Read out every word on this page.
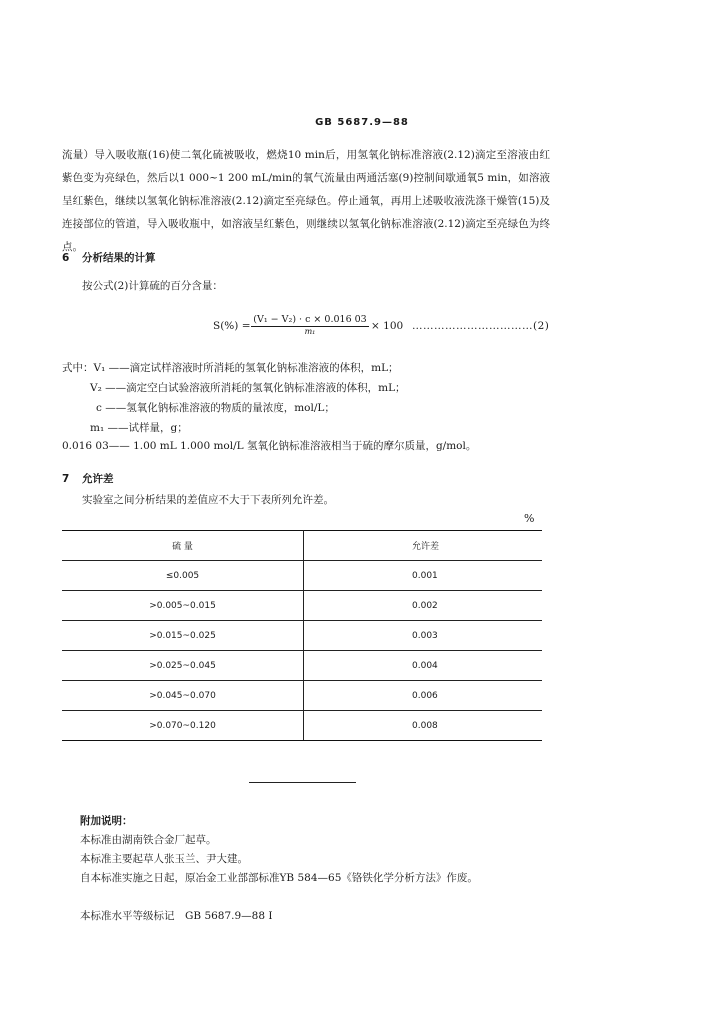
GB 5687.9—88
流量）导入吸收瓶(16)使二氧化硫被吸收，燃烧10 min后，用氢氧化钠标准溶液(2.12)滴定至溶液由红紫色变为亮绿色，然后以1 000~1 200 mL/min的氧气流量由两通活塞(9)控制间歇通氧5 min，如溶液呈红紫色，继续以氢氧化钠标准溶液(2.12)滴定至亮绿色。停止通氧，再用上述吸收液洗涤干燥管(15)及连接部位的管道，导入吸收瓶中，如溶液呈红紫色，则继续以氢氧化钠标准溶液(2.12)滴定至亮绿色为终点。
6 分析结果的计算
按公式(2)计算硫的百分含量：
S(%) =
(V₁ − V₂) · c × 0.016 03
m₁	× 100 ……………………………(2)
式中：V₁ ——滴定试样溶液时所消耗的氢氧化钠标准溶液的体积，mL；
V₂ ——滴定空白试验溶液所消耗的氢氧化钠标准溶液的体积，mL；
c ——氢氧化钠标准溶液的物质的量浓度，mol/L；
m₁ ——试样量，g；
0.016 03—— 1.00 mL 1.000 mol/L 氢氧化钠标准溶液相当于硫的摩尔质量，g/mol。
7 允许差
实验室之间分析结果的差值应不大于下表所列允许差。
%
硫 量	允许差
≤0.005	0.001
>0.005~0.015	0.002
>0.015~0.025	0.003
>0.025~0.045	0.004
>0.045~0.070	0.006
>0.070~0.120	0.008
附加说明：
本标准由湖南铁合金厂起草。
本标准主要起草人张玉兰、尹大建。
自本标准实施之日起，原冶金工业部部标准YB 584—65《铬铁化学分析方法》作废。
本标准水平等级标记　GB 5687.9—88 I
